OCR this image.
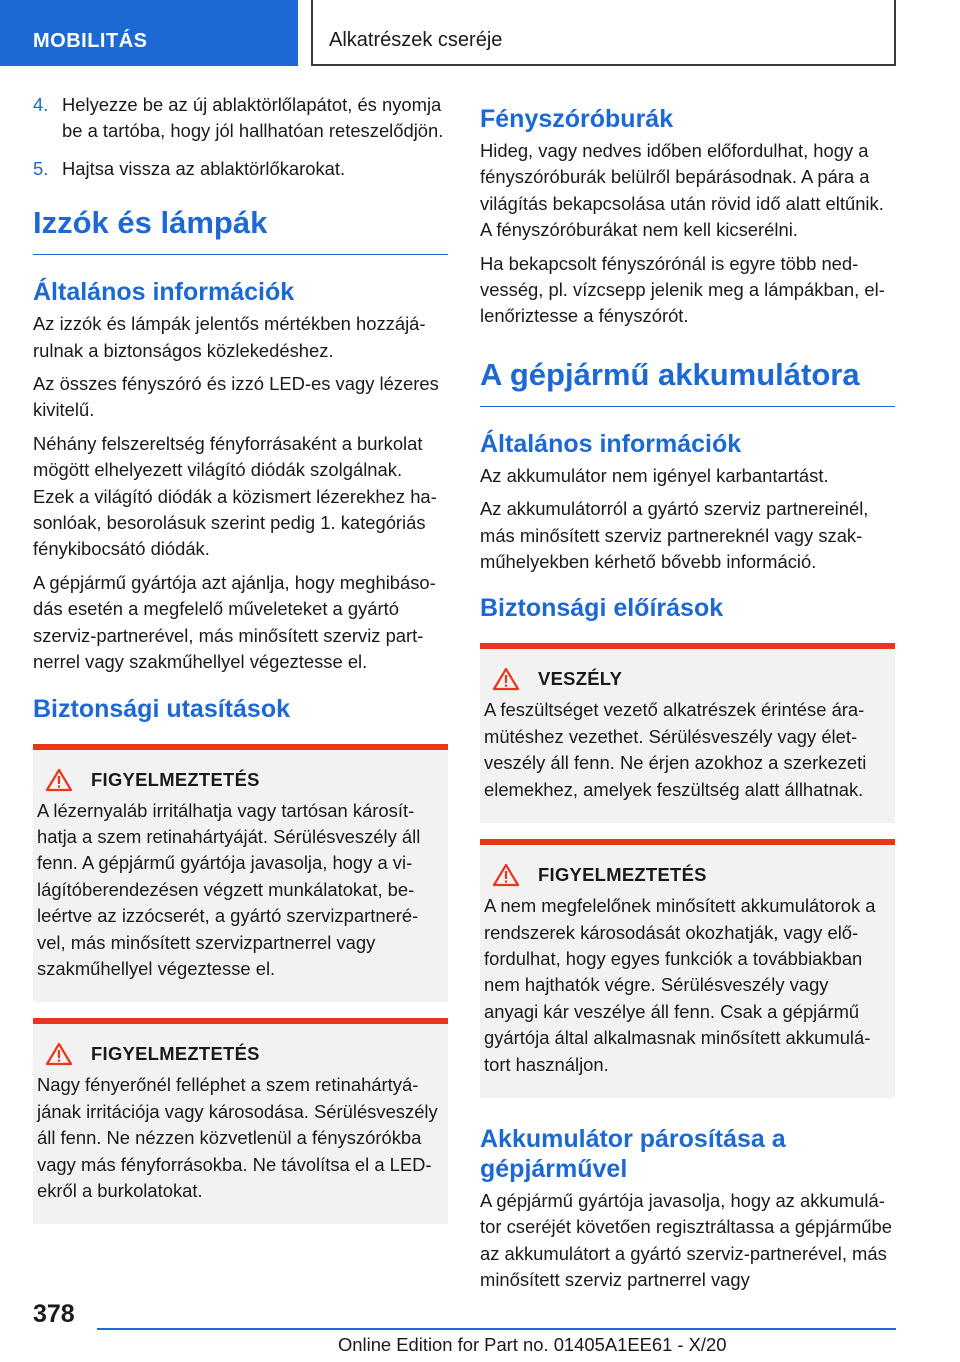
MOBILITÁS	Alkatrészek cseréje
4. Helyezze be az új ablaktörlőlapátot, és nyomja be a tartóba, hogy jól hallhatóan reteszelődjön.
5. Hajtsa vissza az ablaktörlőkarokat.
Izzók és lámpák
Általános információk

Az izzók és lámpák jelentős mértékben hozzájárulnak a biztonságos közlekedéshez.

Az összes fényszóró és izzó LED-es vagy lézeres kivitelű.

Néhány felszereltség fényforrásaként a burkolat mögött elhelyezett világító diódák szolgálnak. Ezek a világító diódák a közismert lézerekhez hasonlóak, besorolásuk szerint pedig 1. kategóriás fénykibocsátó diódák.

A gépjármű gyártója azt ajánlja, hogy meghibásodás esetén a megfelelő műveleteket a gyártó szerviz-partnerével, más minősített szerviz partnerrel vagy szakműhellyel végeztesse el.

Biztonsági utasítások
FIGYELMEZTETÉS

A lézernyaláb irritálhatja vagy tartósan károsíthatja a szem retinahártyáját. Sérülésveszély áll fenn. A gépjármű gyártója javasolja, hogy a világítóberendezésen végzett munkálatokat, beleértve az izzócserét, a gyártó szervizpartnerével, más minősített szervizpartnerrel vagy szakműhellyel végeztesse el.

FIGYELMEZTETÉS

Nagy fényerőnél felléphet a szem retinahártyájának irritációja vagy károsodása. Sérülésveszély áll fenn. Ne nézzen közvetlenül a fényszórókba vagy más fényforrásokba. Ne távolítsa el a LED-ekről a burkolatokat.

Fényszóróburák

Hideg, vagy nedves időben előfordulhat, hogy a fényszóróburák belülről bepárásodnak. A pára a világítás bekapcsolása után rövid idő alatt eltűnik. A fényszóróburákat nem kell kicserélni.

Ha bekapcsolt fényszórónál is egyre több nedvesség, pl. vízcsepp jelenik meg a lámpákban, ellenőriztesse a fényszórót.

A gépjármű akkumulátora
Általános információk

Az akkumulátor nem igényel karbantartást.

Az akkumulátorról a gyártó szerviz partnereinél, más minősített szerviz partnereknél vagy szakműhelyekben kérhető bővebb információ.

Biztonsági előírások
VESZÉLY

A feszültséget vezető alkatrészek érintése áramütéshez vezethet. Sérülésveszély vagy életveszély áll fenn. Ne érjen azokhoz a szerkezeti elemekhez, amelyek feszültség alatt állhatnak.

FIGYELMEZTETÉS

A nem megfelelőnek minősített akkumulátorok a rendszerek károsodását okozhatják, vagy előfordulhat, hogy egyes funkciók a továbbiakban nem hajthatók végre. Sérülésveszély vagy anyagi kár veszélye áll fenn. Csak a gépjármű gyártója által alkalmasnak minősített akkumulátort használjon.

Akkumulátor párosítása a gépjárművel

A gépjármű gyártója javasolja, hogy az akkumulátor cseréjét követően regisztráltassa a gépjárműbe az akkumulátort a gyártó szerviz-partnerével, más minősített szerviz partnerrel vagy

378
Online Edition for Part no. 01405A1EE61 - X/20
